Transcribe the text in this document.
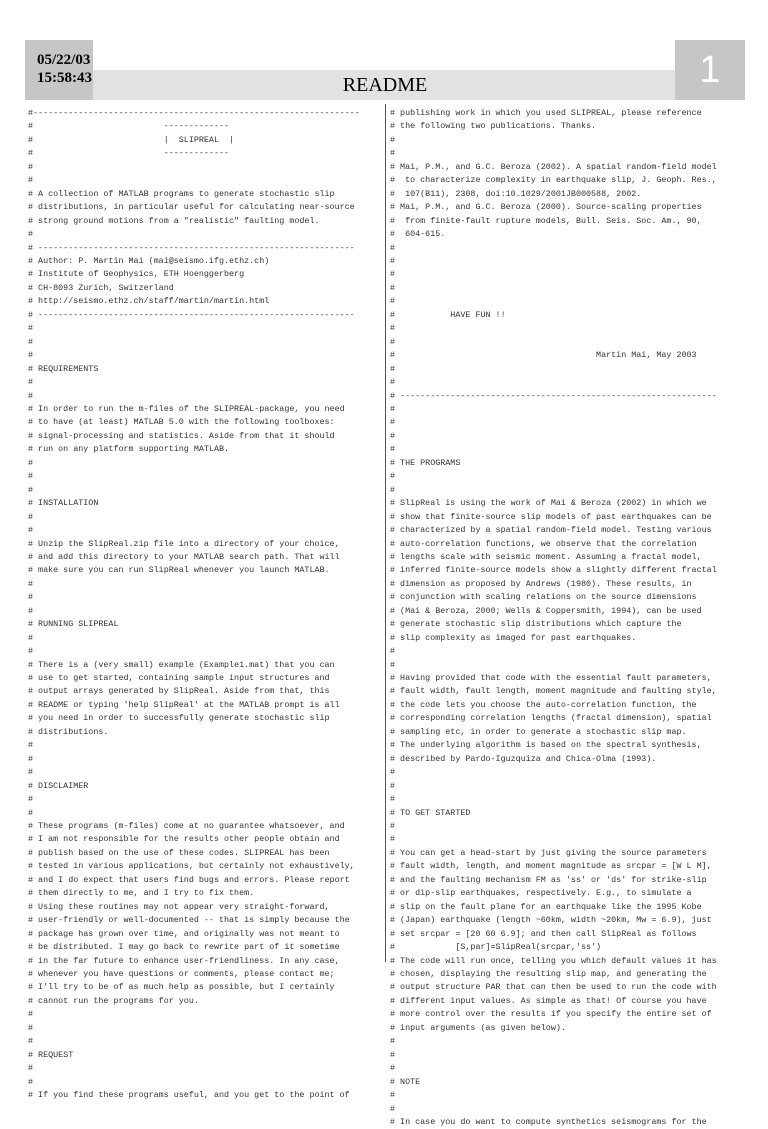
05/22/03
15:58:43	README	1
#-----------------------------------------------------------------
#                          -------------
#                          |  SLIPREAL  |
#                          -------------
#
#
# A collection of MATLAB programs to generate stochastic slip
# distributions, in particular useful for calculating near-source
# strong ground motions from a "realistic" faulting model.
#
# ---------------------------------------------------------------
# Author: P. Martin Mai (mai@seismo.ifg.ethz.ch)
# Institute of Geophysics, ETH Hoenggerberg
# CH-8093 Zurich, Switzerland
# http://seismo.ethz.ch/staff/martin/martin.html
# ---------------------------------------------------------------
#
#
#
# REQUIREMENTS
#
#
# In order to run the m-files of the SLIPREAL-package, you need
# to have (at least) MATLAB 5.0 with the following toolboxes:
# signal-processing and statistics. Aside from that it should
# run on any platform supporting MATLAB.
#
#
#
# INSTALLATION
#
#
# Unzip the SlipReal.zip file into a directory of your choice,
# and add this directory to your MATLAB search path. That will
# make sure you can run SlipReal whenever you launch MATLAB.
#
#
#
# RUNNING SLIPREAL
#
#
# There is a (very small) example (Example1.mat) that you can
# use to get started, containing sample input structures and
# output arrays generated by SlipReal. Aside from that, this
# README or typing 'help SlipReal' at the MATLAB prompt is all
# you need in order to successfully generate stochastic slip
# distributions.
#
#
#
# DISCLAIMER
#
#
# These programs (m-files) come at no guarantee whatsoever, and
# I am not responsible for the results other people obtain and
# publish based on the use of these codes. SLIPREAL has been
# tested in various applications, but certainly not exhaustively,
# and I do expect that users find bugs and errors. Please report
# them directly to me, and I try to fix them.
# Using these routines may not appear very straight-forward,
# user-friendly or well-documented -- that is simply because the
# package has grown over time, and originally was not meant to
# be distributed. I may go back to rewrite part of it sometime
# in the far future to enhance user-friendliness. In any case,
# whenever you have questions or comments, please contact me;
# I'll try to be of as much help as possible, but I certainly
# cannot run the programs for you.
#
#
#
# REQUEST
#
#
# If you find these programs useful, and you get to the point of
# publishing work in which you used SLIPREAL, please reference
# the following two publications. Thanks.
#
#
# Mai, P.M., and G.C. Beroza (2002). A spatial random-field model
#  to characterize complexity in earthquake slip, J. Geoph. Res.,
#  107(B11), 2308, doi:10.1029/2001JB000588, 2002.
# Mai, P.M., and G.C. Beroza (2000). Source-scaling properties
#  from finite-fault rupture models, Bull. Seis. Soc. Am., 90,
#  604-615.
#
#
#
#
#
#           HAVE FUN !!
#
#
#                                        Martin Mai, May 2003
#
#
# ---------------------------------------------------------------
#
#
#
#
# THE PROGRAMS
#
#
# SlipReal is using the work of Mai & Beroza (2002) in which we
# show that finite-source slip models of past earthquakes can be
# characterized by a spatial random-field model. Testing various
# auto-correlation functions, we observe that the correlation
# lengths scale with seismic moment. Assuming a fractal model,
# inferred finite-source models show a slightly different fractal
# dimension as proposed by Andrews (1980). These results, in
# conjunction with scaling relations on the source dimensions
# (Mai & Beroza, 2000; Wells & Coppersmith, 1994), can be used
# generate stochastic slip distributions which capture the
# slip complexity as imaged for past earthquakes.
#
#
# Having provided that code with the essential fault parameters,
# fault width, fault length, moment magnitude and faulting style,
# the code lets you choose the auto-correlation function, the
# corresponding correlation lengths (fractal dimension), spatial
# sampling etc, in order to generate a stochastic slip map.
# The underlying algorithm is based on the spectral synthesis,
# described by Pardo-Iguzquiza and Chica-Olma (1993).
#
#
#
# TO GET STARTED
#
#
# You can get a head-start by just giving the source parameters
# fault width, length, and moment magnitude as srcpar = [W L M],
# and the faulting mechanism FM as 'ss' or 'ds' for strike-slip
# or dip-slip earthquakes, respectively. E.g., to simulate a
# slip on the fault plane for an earthquake like the 1995 Kobe
# (Japan) earthquake (length ~60km, width ~20km, Mw = 6.9), just
# set srcpar = [20 60 6.9]; and then call SlipReal as follows
#            [S,par]=SlipReal(srcpar,'ss')
# The code will run once, telling you which default values it has
# chosen, displaying the resulting slip map, and generating the
# output structure PAR that can then be used to run the code with
# different input values. As simple as that! Of course you have
# more control over the results if you specify the entire set of
# input arguments (as given below).
#
#
#
# NOTE
#
#
# In case you do want to compute synthetics seismograms for the
